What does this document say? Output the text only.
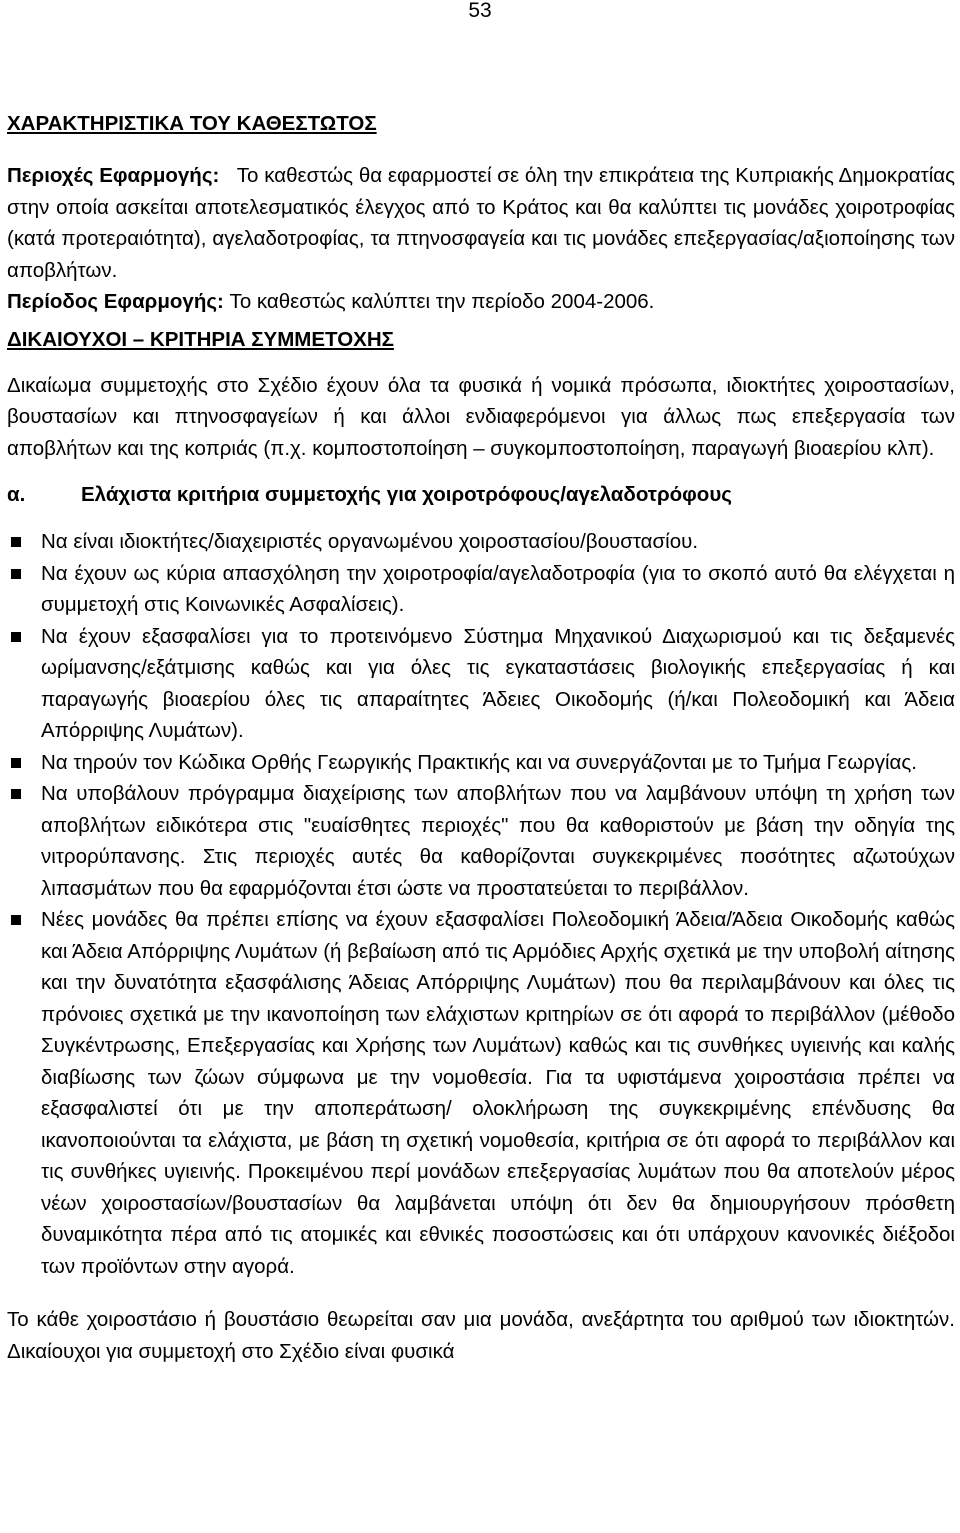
53
ΧΑΡΑΚΤΗΡΙΣΤΙΚΑ ΤΟΥ ΚΑΘΕΣΤΩΤΟΣ

Περιοχές Εφαρμογής: Το καθεστώς θα εφαρμοστεί σε όλη την επικράτεια της Κυπριακής Δημοκρατίας στην οποία ασκείται αποτελεσματικός έλεγχος από το Κράτος και θα καλύπτει τις μονάδες χοιροτροφίας (κατά προτεραιότητα), αγελαδοτροφίας, τα πτηνοσφαγεία και τις μονάδες επεξεργασίας/αξιοποίησης των αποβλήτων.

Περίοδος Εφαρμογής: Το καθεστώς καλύπτει την περίοδο 2004-2006.

ΔΙΚΑΙΟΥΧΟΙ – ΚΡΙΤΗΡΙΑ ΣΥΜΜΕΤΟΧΗΣ

Δικαίωμα συμμετοχής στο Σχέδιο έχουν όλα τα φυσικά ή νομικά πρόσωπα, ιδιοκτήτες χοιροστασίων, βουστασίων και πτηνοσφαγείων ή και άλλοι ενδιαφερόμενοι για άλλως πως επεξεργασία των αποβλήτων και της κοπριάς (π.χ. κομποστοποίηση – συγκομποστοποίηση, παραγωγή βιοαερίου κλπ).

α.	Ελάχιστα κριτήρια συμμετοχής για χοιροτρόφους/αγελαδοτρόφους
Να είναι ιδιοκτήτες/διαχειριστές οργανωμένου χοιροστασίου/βουστασίου.
Να έχουν ως κύρια απασχόληση την χοιροτροφία/αγελαδοτροφία (για το σκοπό αυτό θα ελέγχεται η συμμετοχή στις Κοινωνικές Ασφαλίσεις).
Να έχουν εξασφαλίσει για το προτεινόμενο Σύστημα Μηχανικού Διαχωρισμού και τις δεξαμενές ωρίμανσης/εξάτμισης καθώς και για όλες τις εγκαταστάσεις βιολογικής επεξεργασίας ή και παραγωγής βιοαερίου όλες τις απαραίτητες Άδειες Οικοδομής (ή/και Πολεοδομική και Άδεια Απόρριψης Λυμάτων).
Να τηρούν τον Κώδικα Ορθής Γεωργικής Πρακτικής και να συνεργάζονται με το Τμήμα Γεωργίας.
Να υποβάλουν πρόγραμμα διαχείρισης των αποβλήτων που να λαμβάνουν υπόψη τη χρήση των αποβλήτων ειδικότερα στις "ευαίσθητες περιοχές" που θα καθοριστούν με βάση την οδηγία της νιτρορύπανσης. Στις περιοχές αυτές θα καθορίζονται συγκεκριμένες ποσότητες αζωτούχων λιπασμάτων που θα εφαρμόζονται έτσι ώστε να προστατεύεται το περιβάλλον.
Νέες μονάδες θα πρέπει επίσης να έχουν εξασφαλίσει Πολεοδομική Άδεια/Άδεια Οικοδομής καθώς και Άδεια Απόρριψης Λυμάτων (ή βεβαίωση από τις Αρμόδιες Αρχής σχετικά με την υποβολή αίτησης και την δυνατότητα εξασφάλισης Άδειας Απόρριψης Λυμάτων) που θα περιλαμβάνουν και όλες τις πρόνοιες σχετικά με την ικανοποίηση των ελάχιστων κριτηρίων σε ότι αφορά το περιβάλλον (μέθοδο Συγκέντρωσης, Επεξεργασίας και Χρήσης των Λυμάτων) καθώς και τις συνθήκες υγιεινής και καλής διαβίωσης των ζώων σύμφωνα με την νομοθεσία. Για τα υφιστάμενα χοιροστάσια πρέπει να εξασφαλιστεί ότι με την αποπεράτωση/ ολοκλήρωση της συγκεκριμένης επένδυσης θα ικανοποιούνται τα ελάχιστα, με βάση τη σχετική νομοθεσία, κριτήρια σε ότι αφορά το περιβάλλον και τις συνθήκες υγιεινής. Προκειμένου περί μονάδων επεξεργασίας λυμάτων που θα αποτελούν μέρος νέων χοιροστασίων/βουστασίων θα λαμβάνεται υπόψη ότι δεν θα δημιουργήσουν πρόσθετη δυναμικότητα πέρα από τις ατομικές και εθνικές ποσοστώσεις και ότι υπάρχουν κανονικές διέξοδοι των προϊόντων στην αγορά.

Το κάθε χοιροστάσιο ή βουστάσιο θεωρείται σαν μια μονάδα, ανεξάρτητα του αριθμού των ιδιοκτητών. Δικαίουχοι για συμμετοχή στο Σχέδιο είναι φυσικά
